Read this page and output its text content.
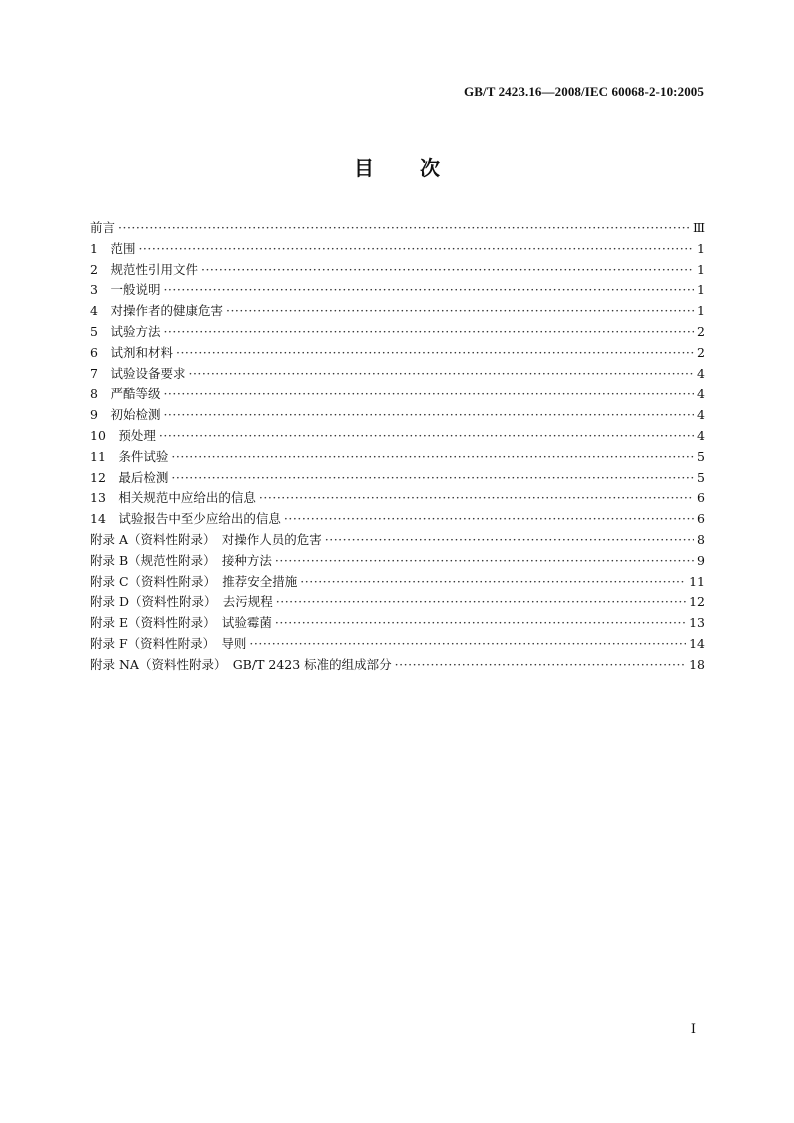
GB/T 2423.16—2008/IEC 60068-2-10:2005
目 次
前言 ·····	Ⅲ
1　范围 ·····	1
2　规范性引用文件 ·····	1
3　一般说明 ·····	1
4　对操作者的健康危害 ·····	1
5　试验方法 ·····	2
6　试剂和材料 ·····	2
7　试验设备要求 ·····	4
8　严酷等级 ·····	4
9　初始检测 ·····	4
10　预处理 ·····	4
11　条件试验 ·····	5
12　最后检测 ·····	5
13　相关规范中应给出的信息 ·····	6
14　试验报告中至少应给出的信息 ·····	6
附录 A（资料性附录）　对操作人员的危害 ·····	8
附录 B（规范性附录）　接种方法 ·····	9
附录 C（资料性附录）　推荐安全措施 ·····	11
附录 D（资料性附录）　去污规程 ·····	12
附录 E（资料性附录）　试验霉菌 ·····	13
附录 F（资料性附录）　导则 ·····	14
附录 NA（资料性附录）　GB/T 2423 标准的组成部分 ·····	18
I
